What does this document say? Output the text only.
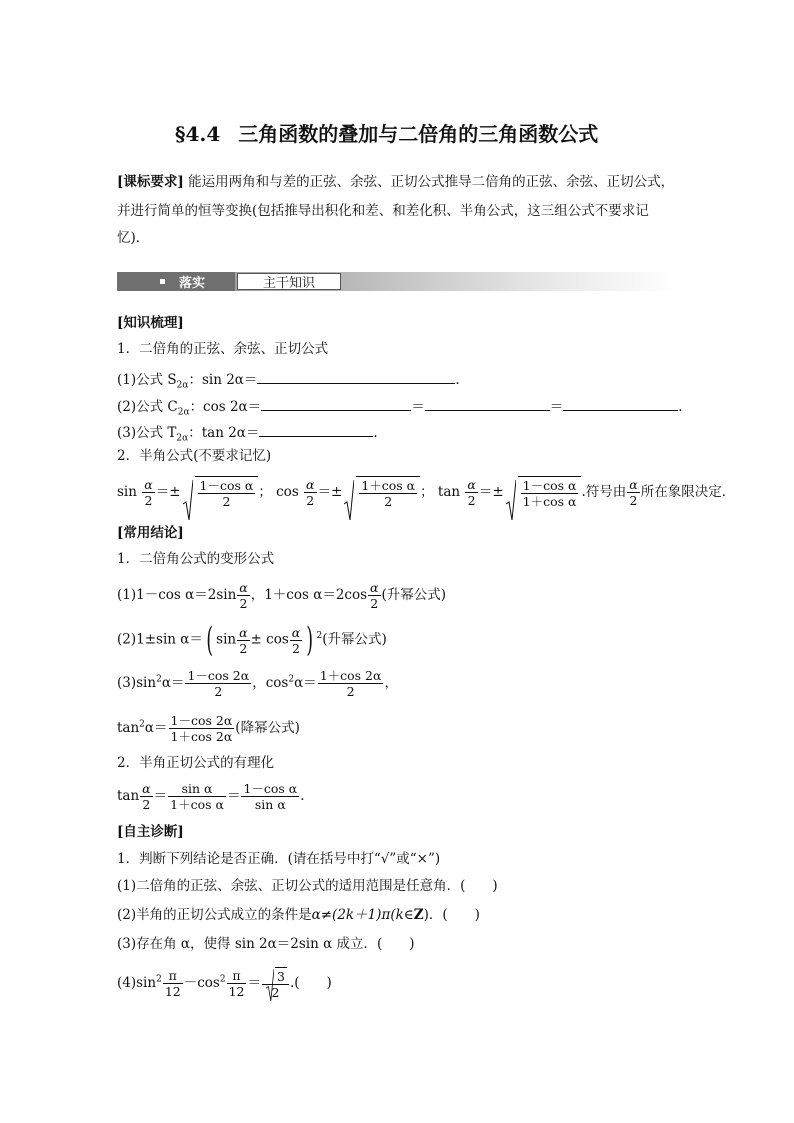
§4.4 三角函数的叠加与二倍角的三角函数公式
[课标要求] 能运用两角和与差的正弦、余弦、正切公式推导二倍角的正弦、余弦、正切公式，
并进行简单的恒等变换(包括推导出积化和差、和差化积、半角公式，这三组公式不要求记
忆)．
落实	主干知识
[知识梳理]
1．二倍角的正弦、余弦、正切公式
(1)公式 $S_{2\alpha}$：sin 2α＝	.
(2)公式 $C_{2\alpha}$：cos 2α＝	＝	＝	.
(3)公式 $T_{2\alpha}$：tan 2α＝	.
2．半角公式(不要求记忆)
$\sin \frac{\alpha}{2} =\pm \frac{\text{1－cos α}}{2}$ ； $\cos \frac{\alpha}{2} =\pm \frac{\text{1＋cos α}}{2}$ ； $\tan \frac{\alpha}{2} =\pm \frac{\text{1－cos α}}{\text{1＋cos α}}$ .符号由 $\frac{\alpha}{2}$ 所在象限决定．
[常用结论]
1．二倍角公式的变形公式
(1)1－cos $\alpha=2\sin \frac{\alpha}{2}$ ，1＋cos $\alpha=2\cos \frac{\alpha}{2}$ (升幂公式)
(2)1±sin α＝( $\sin \frac{\alpha}{2} \pm \cos \frac{\alpha}{2}$ ) $^2$(升幂公式)
$(3)\sin^2\alpha= \frac{1-\cos 2\alpha}{2}$ ，$\cos^2\alpha= \frac{1+\cos 2\alpha}{2}$ ，
$\tan^2\alpha= \frac{1-\cos 2\alpha}{1+\cos 2\alpha}$ (降幂公式)
2．半角正切公式的有理化
$\tan \frac{\alpha}{2} = \frac{\text{sin α}}{\text{1＋cos α}} = \frac{\text{1－cos α}}{\text{sin α}}$ .
[自主诊断]
1．判断下列结论是否正确．(请在括号中打“√”或“×”)
(1)二倍角的正弦、余弦、正切公式的适用范围是任意角．(　　)
(2)半角的正切公式成立的条件是α≠(2k＋1)π(k∈Z)．(　　)
(3)存在角 α，使得 sin 2α＝2sin α 成立．(　　)
$(4)\sin^2 \frac{\pi}{12} -\cos^2 \frac{\pi}{12} = \frac{3}{2}$ .(　　)
